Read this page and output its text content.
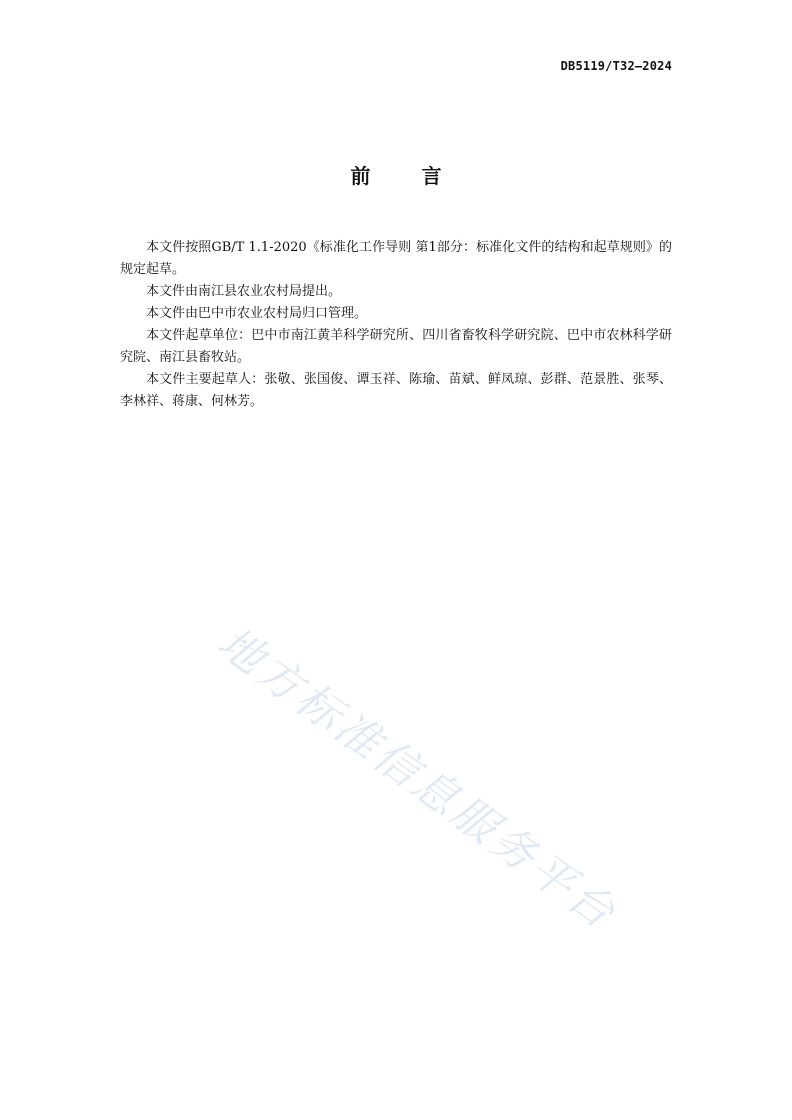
DB5119/T32—2024
前 言

本文件按照GB/T 1.1-2020《标准化工作导则 第1部分：标准化文件的结构和起草规则》的规定起草。

本文件由南江县农业农村局提出。

本文件由巴中市农业农村局归口管理。

本文件起草单位：巴中市南江黄羊科学研究所、四川省畜牧科学研究院、巴中市农林科学研究院、南江县畜牧站。

本文件主要起草人：张敬、张国俊、谭玉祥、陈瑜、苗斌、鲜凤琼、彭群、范景胜、张琴、李林祥、蒋康、何林芳。

地方标准信息服务平台
